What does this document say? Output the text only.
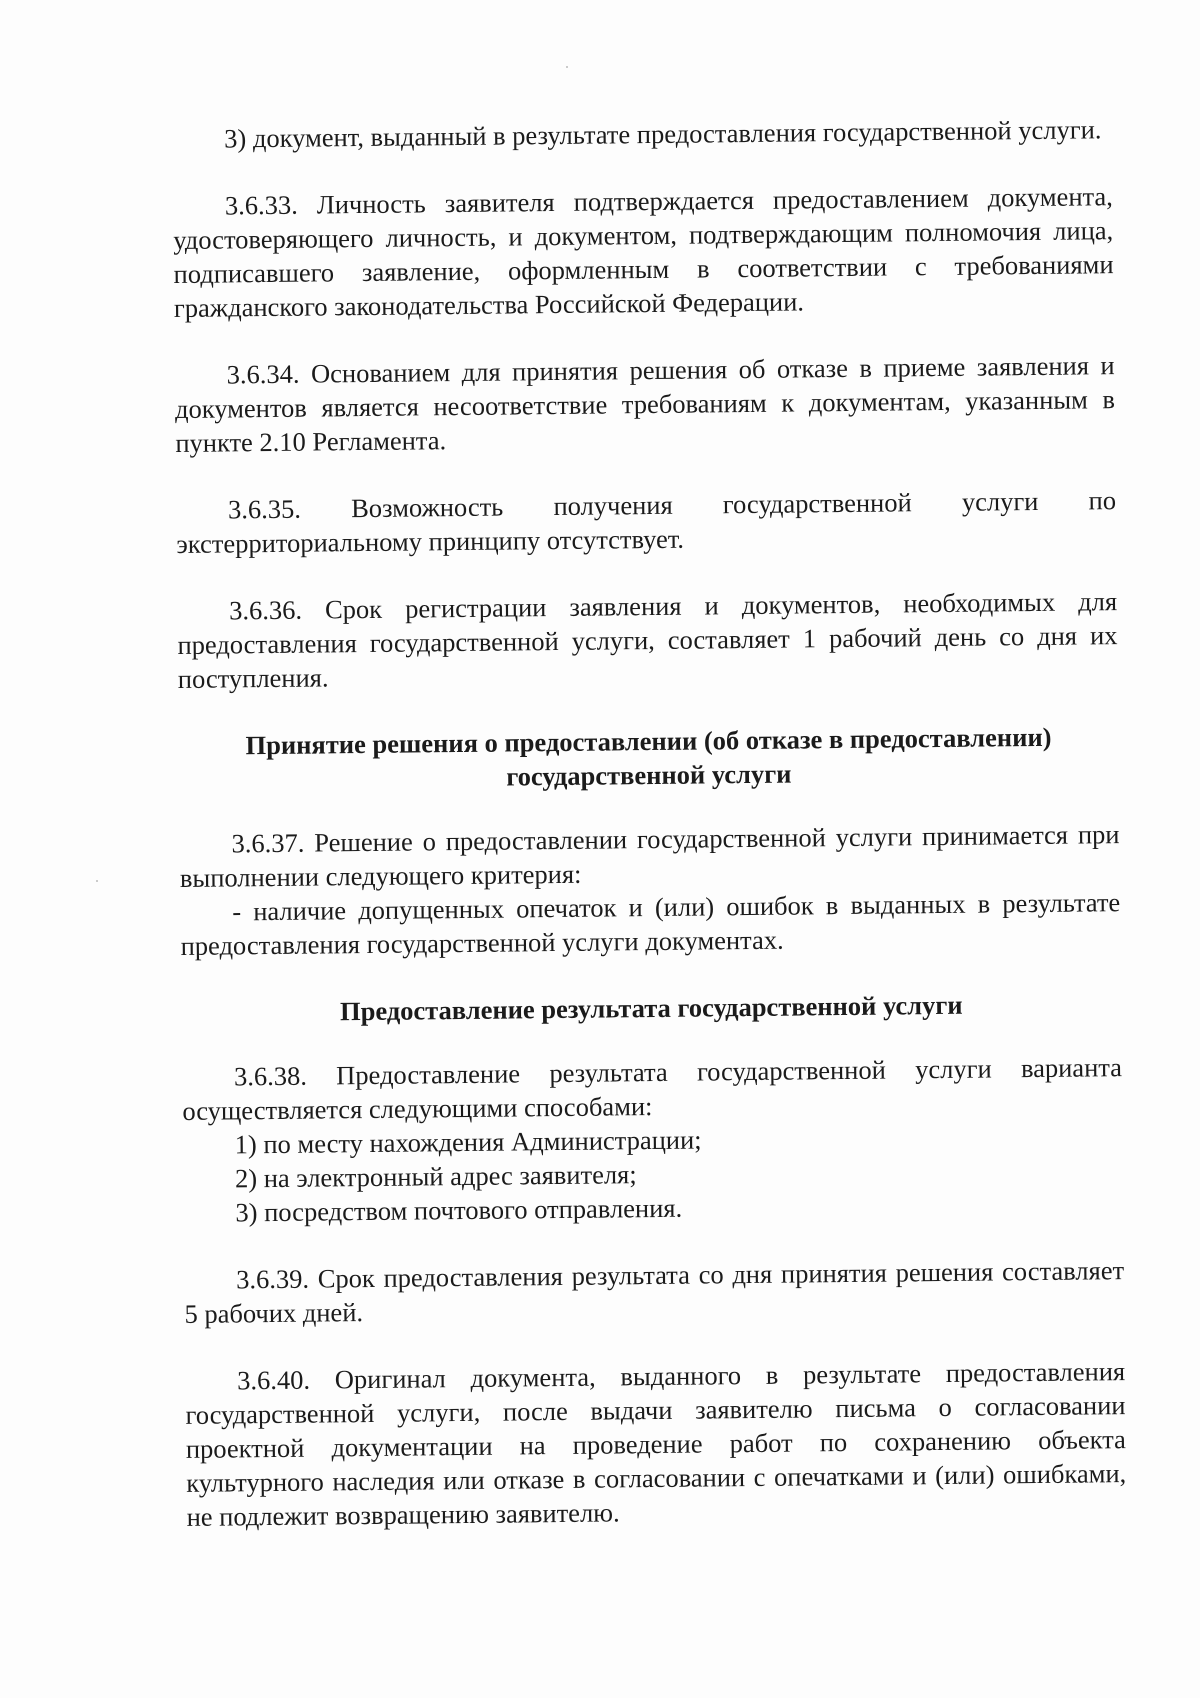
3) документ, выданный в результате предоставления государственной услуги.

3.6.33. Личность заявителя подтверждается предоставлением документа, удостоверяющего личность, и документом, подтверждающим полномочия лица, подписавшего заявление, оформленным в соответствии с требованиями гражданского законодательства Российской Федерации.

3.6.34. Основанием для принятия решения об отказе в приеме заявления и документов является несоответствие требованиям к документам, указанным в пункте 2.10 Регламента.

3.6.35. Возможность получения государственной услуги по экстерриториальному принципу отсутствует.

3.6.36. Срок регистрации заявления и документов, необходимых для предоставления государственной услуги, составляет 1 рабочий день со дня их поступления.

Принятие решения о предоставлении (об отказе в предоставлении)
государственной услуги

3.6.37. Решение о предоставлении государственной услуги принимается при выполнении следующего критерия:

- наличие допущенных опечаток и (или) ошибок в выданных в результате предоставления государственной услуги документах.

Предоставление результата государственной услуги

3.6.38. Предоставление результата государственной услуги варианта осуществляется следующими способами:

1) по месту нахождения Администрации;

2) на электронный адрес заявителя;

3) посредством почтового отправления.

3.6.39. Срок предоставления результата со дня принятия решения составляет 5 рабочих дней.

3.6.40. Оригинал документа, выданного в результате предоставления государственной услуги, после выдачи заявителю письма о согласовании проектной документации на проведение работ по сохранению объекта культурного наследия или отказе в согласовании с опечатками и (или) ошибками, не подлежит возвращению заявителю.
